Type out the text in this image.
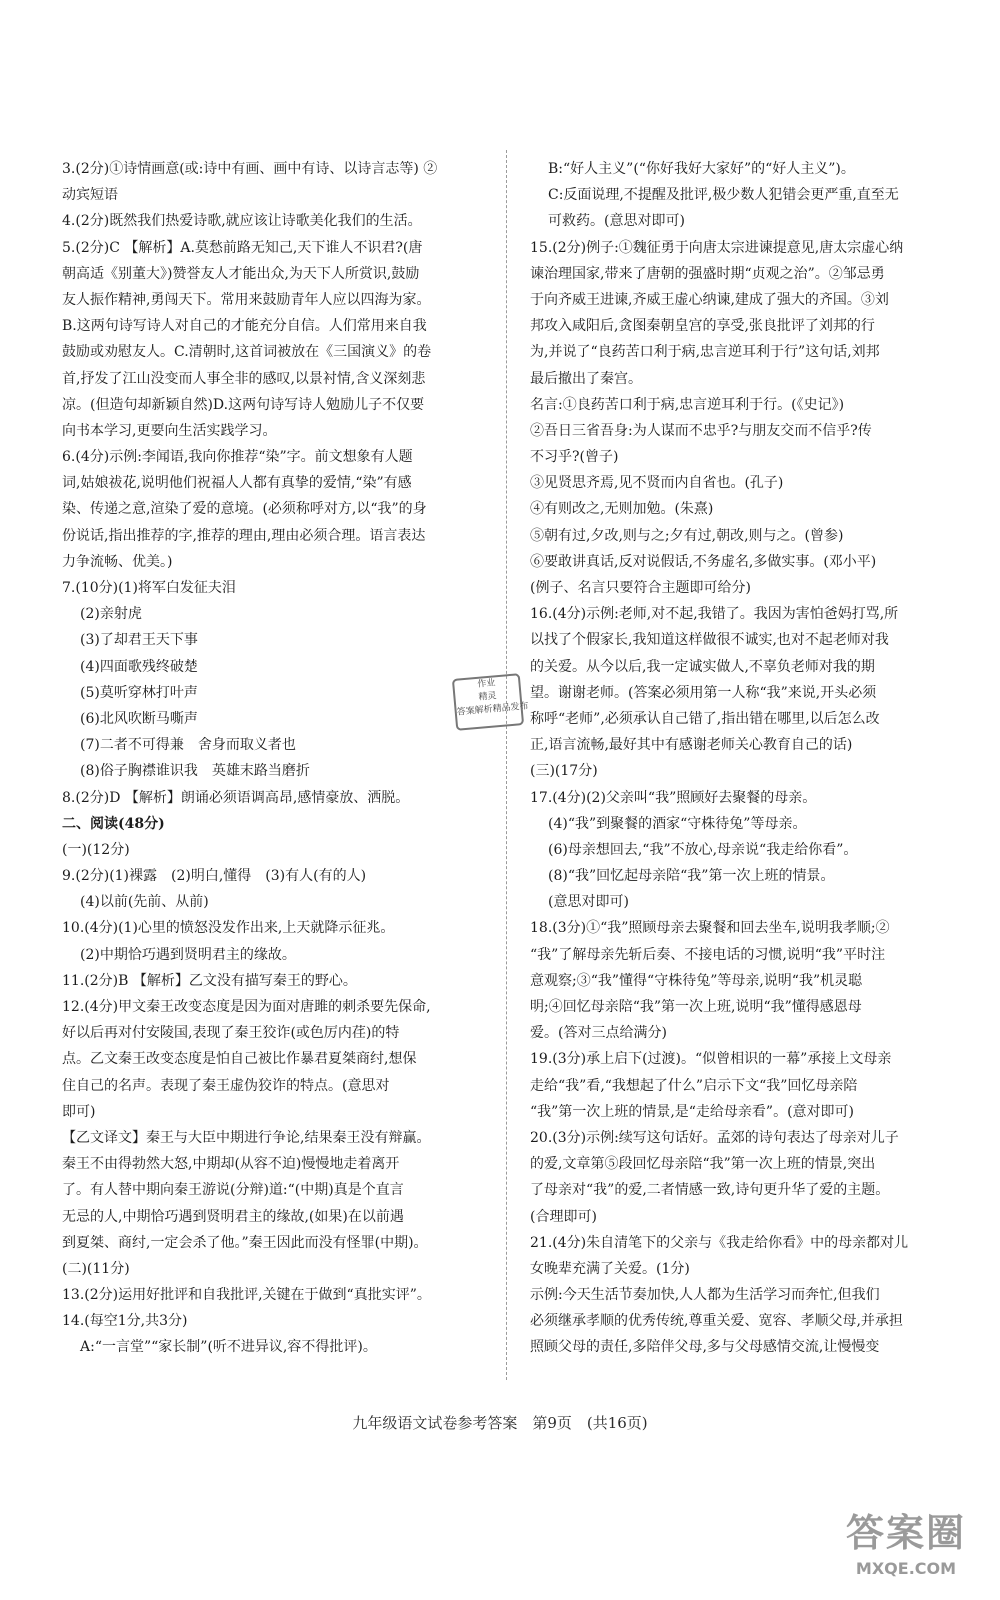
3.(2分)①诗情画意(或:诗中有画、画中有诗、以诗言志等) ②
动宾短语
4.(2分)既然我们热爱诗歌,就应该让诗歌美化我们的生活。
5.(2分)C 【解析】A.莫愁前路无知己,天下谁人不识君?(唐
朝高适《别董大》)赞誉友人才能出众,为天下人所赏识,鼓励
友人振作精神,勇闯天下。常用来鼓励青年人应以四海为家。
B.这两句诗写诗人对自己的才能充分自信。人们常用来自我
鼓励或劝慰友人。C.清朝时,这首词被放在《三国演义》的卷
首,抒发了江山没变而人事全非的感叹,以景衬情,含义深刻悲
凉。(但造句却新颖自然)D.这两句诗写诗人勉励儿子不仅要
向书本学习,更要向生活实践学习。
6.(4分)示例:李闻语,我向你推荐“染”字。前文想象有人题
词,姑娘祓花,说明他们祝福人人都有真挚的爱情,“染”有感
染、传递之意,渲染了爱的意境。(必须称呼对方,以“我”的身
份说话,指出推荐的字,推荐的理由,理由必须合理。语言表达
力争流畅、优美。)
7.(10分)(1)将军白发征夫泪
(2)亲射虎
(3)了却君王天下事
(4)四面歌残终破楚
(5)莫听穿林打叶声
(6)北风吹断马嘶声
(7)二者不可得兼　舍身而取义者也
(8)俗子胸襟谁识我　英雄末路当磨折
8.(2分)D 【解析】朗诵必须语调高昂,感情豪放、洒脱。
二、阅读(48分)
(一)(12分)
9.(2分)(1)裸露　(2)明白,懂得　(3)有人(有的人)
(4)以前(先前、从前)
10.(4分)(1)心里的愤怒没发作出来,上天就降示征兆。
(2)中期恰巧遇到贤明君主的缘故。
11.(2分)B 【解析】乙文没有描写秦王的野心。
12.(4分)甲文秦王改变态度是因为面对唐雎的刺杀要先保命,
好以后再对付安陵国,表现了秦王狡诈(或色厉内荏)的特
点。乙文秦王改变态度是怕自己被比作暴君夏桀商纣,想保
住自己的名声。表现了秦王虚伪狡诈的特点。(意思对
即可)
【乙文译文】秦王与大臣中期进行争论,结果秦王没有辩赢。
秦王不由得勃然大怒,中期却(从容不迫)慢慢地走着离开
了。有人替中期向秦王游说(分辩)道:“(中期)真是个直言
无忌的人,中期恰巧遇到贤明君主的缘故,(如果)在以前遇
到夏桀、商纣,一定会杀了他。”秦王因此而没有怪罪(中期)。
(二)(11分)
13.(2分)运用好批评和自我批评,关键在于做到“真批实评”。
14.(每空1分,共3分)
A:“一言堂”“家长制”(听不进异议,容不得批评)。
B:“好人主义”(“你好我好大家好”的“好人主义”)。
C:反面说理,不提醒及批评,极少数人犯错会更严重,直至无
可救药。(意思对即可)
15.(2分)例子:①魏征勇于向唐太宗进谏提意见,唐太宗虚心纳
谏治理国家,带来了唐朝的强盛时期“贞观之治”。②邹忌勇
于向齐威王进谏,齐威王虚心纳谏,建成了强大的齐国。③刘
邦攻入咸阳后,贪图秦朝皇宫的享受,张良批评了刘邦的行
为,并说了“良药苦口利于病,忠言逆耳利于行”这句话,刘邦
最后撤出了秦宫。
名言:①良药苦口利于病,忠言逆耳利于行。(《史记》)
②吾日三省吾身:为人谋而不忠乎?与朋友交而不信乎?传
不习乎?(曾子)
③见贤思齐焉,见不贤而内自省也。(孔子)
④有则改之,无则加勉。(朱熹)
⑤朝有过,夕改,则与之;夕有过,朝改,则与之。(曾参)
⑥要敢讲真话,反对说假话,不务虚名,多做实事。(邓小平)
(例子、名言只要符合主题即可给分)
16.(4分)示例:老师,对不起,我错了。我因为害怕爸妈打骂,所
以找了个假家长,我知道这样做很不诚实,也对不起老师对我
的关爱。从今以后,我一定诚实做人,不辜负老师对我的期
望。谢谢老师。(答案必须用第一人称“我”来说,开头必须
称呼“老师”,必须承认自己错了,指出错在哪里,以后怎么改
正,语言流畅,最好其中有感谢老师关心教育自己的话)
(三)(17分)
17.(4分)(2)父亲叫“我”照顾好去聚餐的母亲。
(4)“我”到聚餐的酒家“守株待兔”等母亲。
(6)母亲想回去,“我”不放心,母亲说“我走给你看”。
(8)“我”回忆起母亲陪“我”第一次上班的情景。
(意思对即可)
18.(3分)①“我”照顾母亲去聚餐和回去坐车,说明我孝顺;②
“我”了解母亲先斩后奏、不接电话的习惯,说明“我”平时注
意观察;③“我”懂得“守株待兔”等母亲,说明“我”机灵聪
明;④回忆母亲陪“我”第一次上班,说明“我”懂得感恩母
爱。(答对三点给满分)
19.(3分)承上启下(过渡)。“似曾相识的一幕”承接上文母亲
走给“我”看,“我想起了什么”启示下文“我”回忆母亲陪
“我”第一次上班的情景,是“走给母亲看”。(意对即可)
20.(3分)示例:续写这句话好。孟郊的诗句表达了母亲对儿子
的爱,文章第⑤段回忆母亲陪“我”第一次上班的情景,突出
了母亲对“我”的爱,二者情感一致,诗句更升华了爱的主题。
(合理即可)
21.(4分)朱自清笔下的父亲与《我走给你看》中的母亲都对儿
女晚辈充满了关爱。(1分)
示例:今天生活节奏加快,人人都为生活学习而奔忙,但我们
必须继承孝顺的优秀传统,尊重关爱、宽容、孝顺父母,并承担
照顾父母的责任,多陪伴父母,多与父母感情交流,让慢慢变
作业
精灵
答案解析精品发布
九年级语文试卷参考答案　第9页　(共16页)
答案圈
MXQE.COM
